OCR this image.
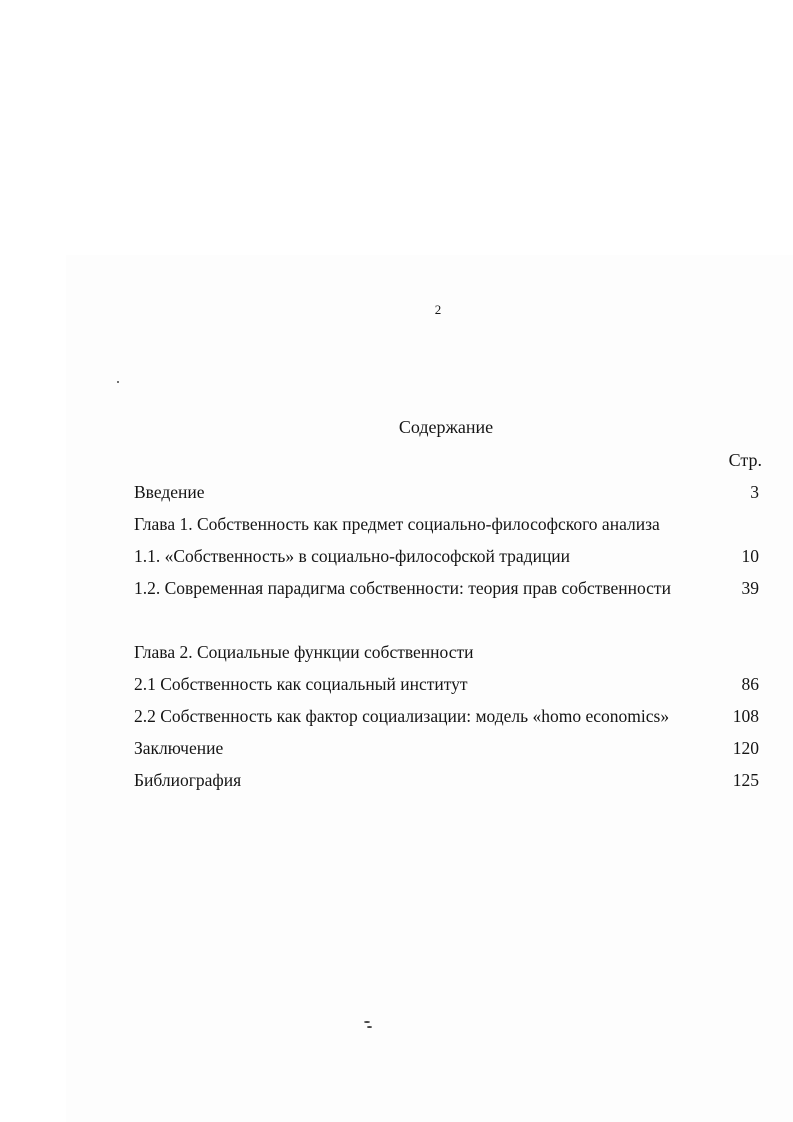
2
Содержание
Стр.
Введение	3
Глава 1. Собственность как предмет социально-философского анализа
1.1. «Собственность» в социально-философской традиции	10
1.2. Современная парадигма собственности: теория прав собственности	39
Глава 2. Социальные функции собственности
2.1 Собственность как социальный институт	86
2.2 Собственность как фактор социализации: модель «homo economics»	108
Заключение	120
Библиография	125
